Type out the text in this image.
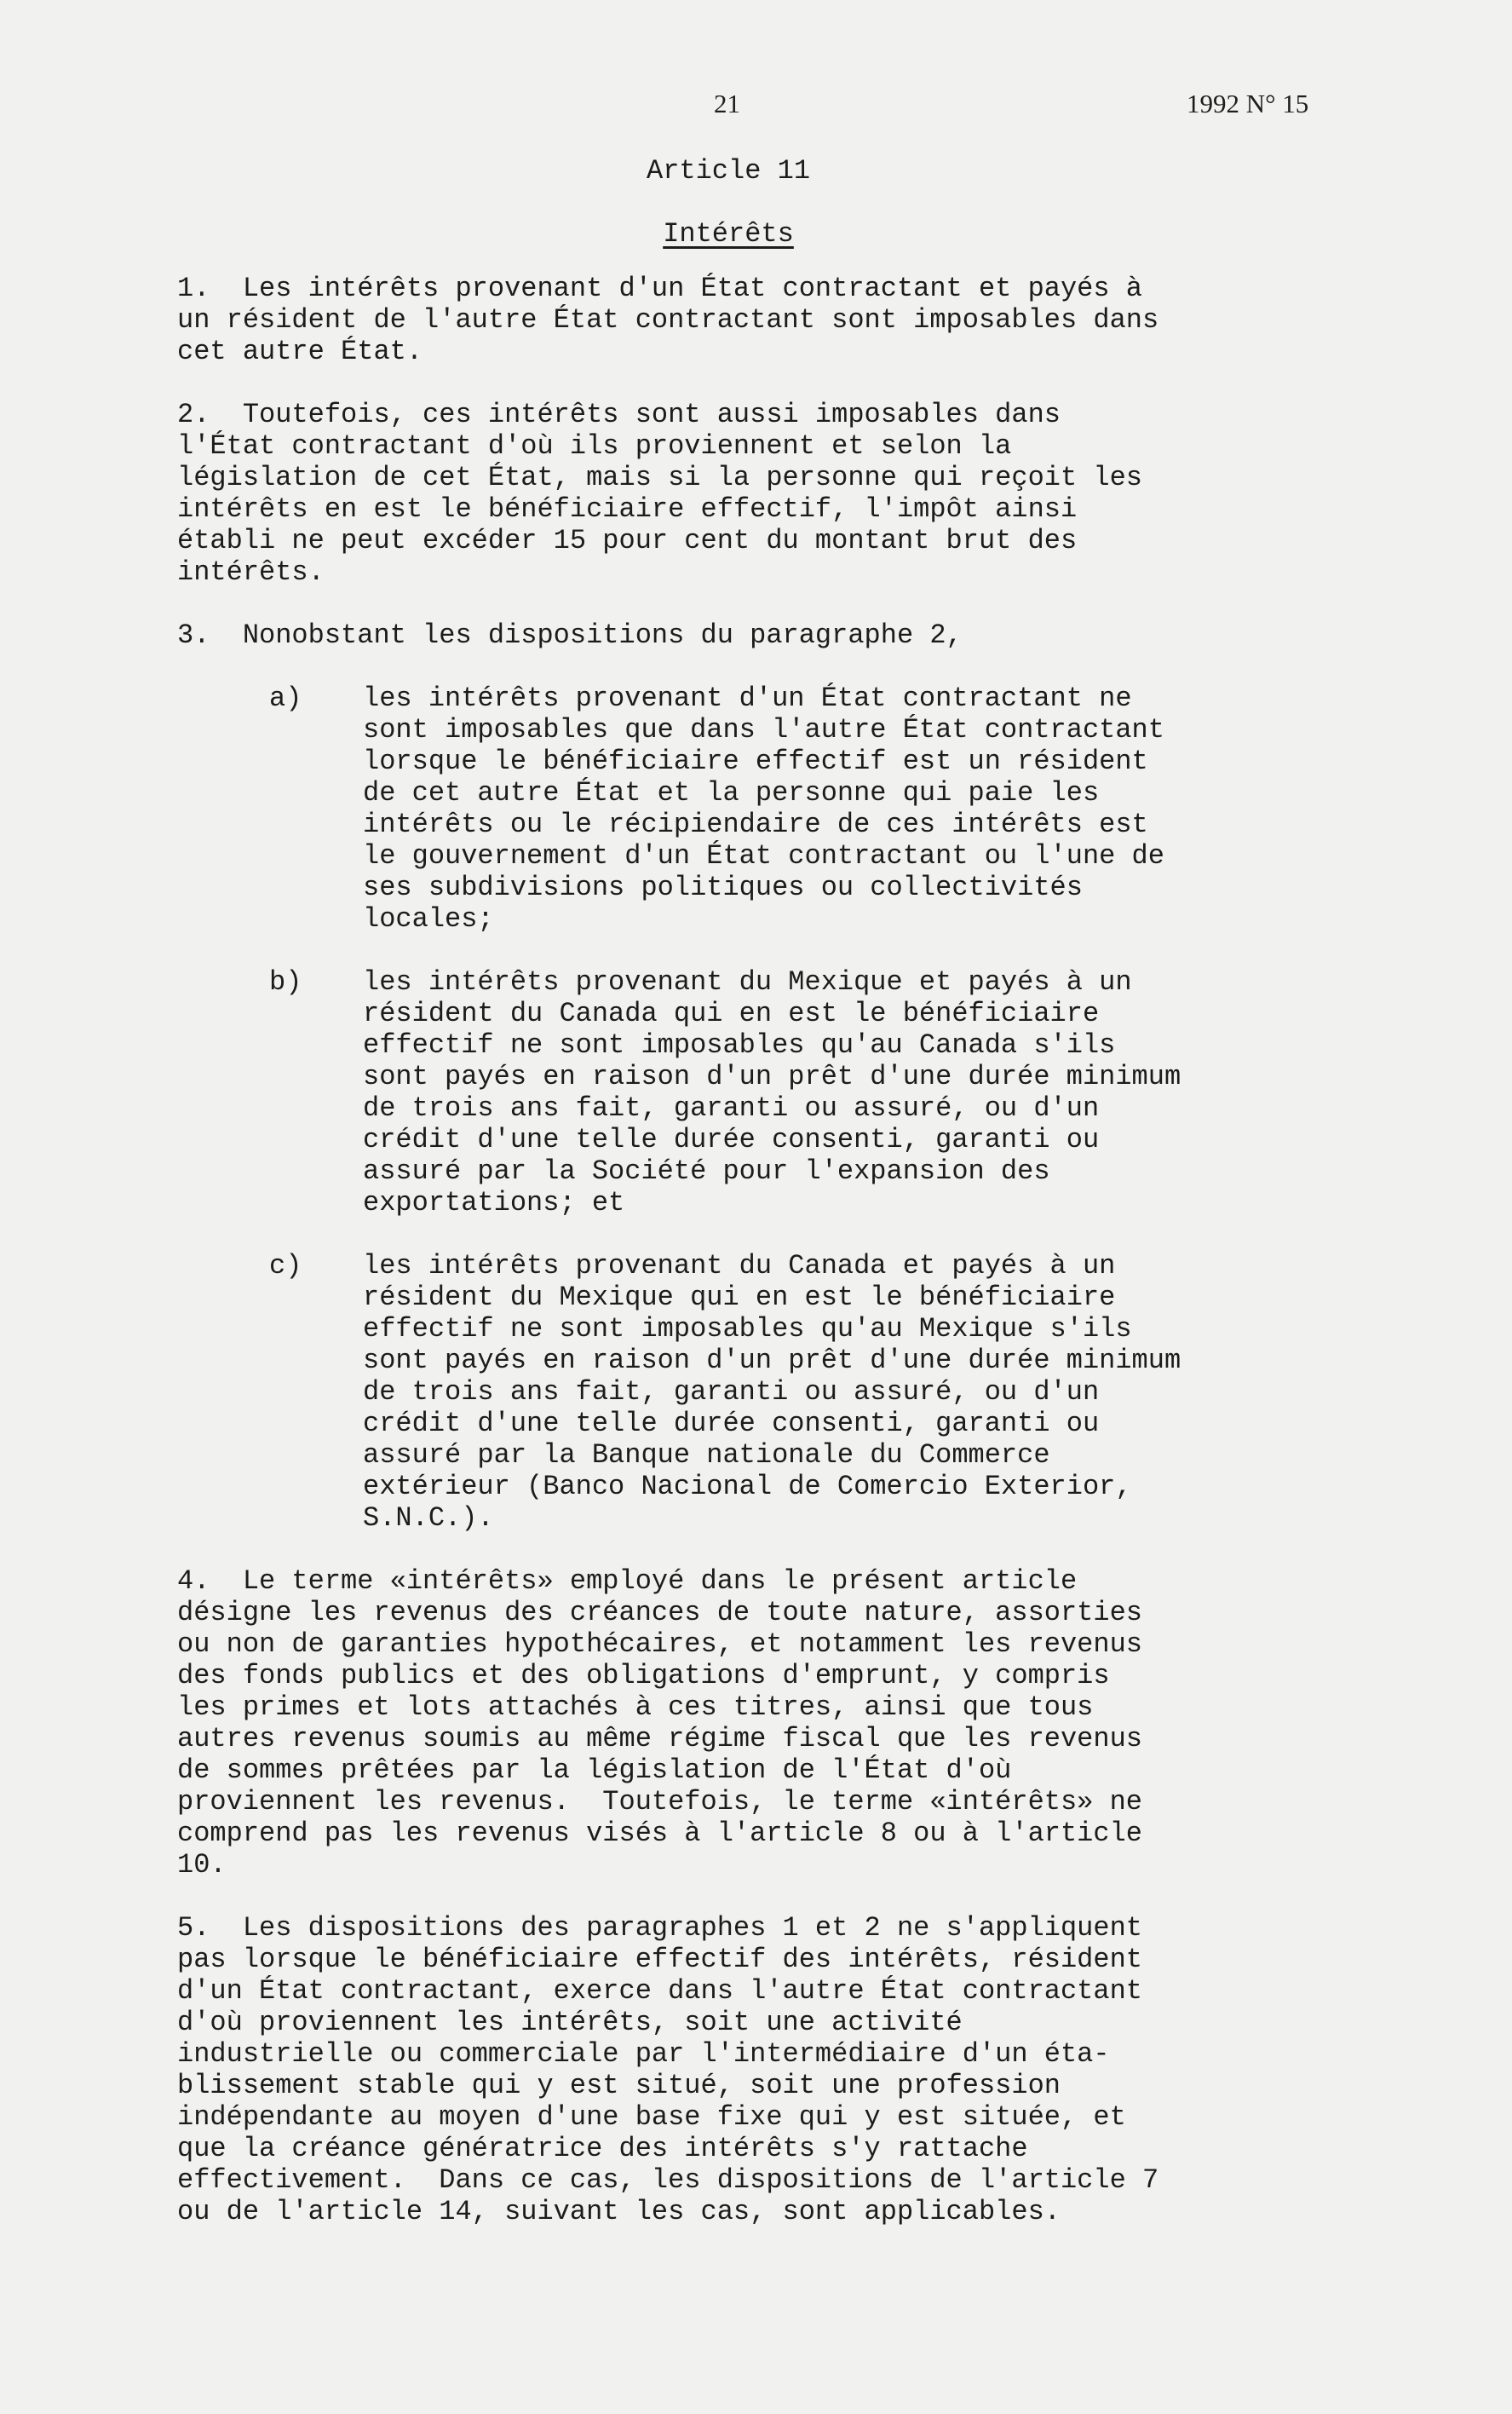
21	1992 N° 15
Article 11
Intérêts

1.  Les intérêts provenant d'un État contractant et payés à
un résident de l'autre État contractant sont imposables dans
cet autre État.

2.  Toutefois, ces intérêts sont aussi imposables dans
l'État contractant d'où ils proviennent et selon la
législation de cet État, mais si la personne qui reçoit les
intérêts en est le bénéficiaire effectif, l'impôt ainsi
établi ne peut excéder 15 pour cent du montant brut des
intérêts.

3.  Nonobstant les dispositions du paragraphe 2,

a)	les intérêts provenant d'un État contractant ne
sont imposables que dans l'autre État contractant
lorsque le bénéficiaire effectif est un résident
de cet autre État et la personne qui paie les
intérêts ou le récipiendaire de ces intérêts est
le gouvernement d'un État contractant ou l'une de
ses subdivisions politiques ou collectivités
locales;
b)	les intérêts provenant du Mexique et payés à un
résident du Canada qui en est le bénéficiaire
effectif ne sont imposables qu'au Canada s'ils
sont payés en raison d'un prêt d'une durée minimum
de trois ans fait, garanti ou assuré, ou d'un
crédit d'une telle durée consenti, garanti ou
assuré par la Société pour l'expansion des
exportations; et
c)	les intérêts provenant du Canada et payés à un
résident du Mexique qui en est le bénéficiaire
effectif ne sont imposables qu'au Mexique s'ils
sont payés en raison d'un prêt d'une durée minimum
de trois ans fait, garanti ou assuré, ou d'un
crédit d'une telle durée consenti, garanti ou
assuré par la Banque nationale du Commerce
extérieur (Banco Nacional de Comercio Exterior,
S.N.C.).

4.  Le terme «intérêts» employé dans le présent article
désigne les revenus des créances de toute nature, assorties
ou non de garanties hypothécaires, et notamment les revenus
des fonds publics et des obligations d'emprunt, y compris
les primes et lots attachés à ces titres, ainsi que tous
autres revenus soumis au même régime fiscal que les revenus
de sommes prêtées par la législation de l'État d'où
proviennent les revenus.  Toutefois, le terme «intérêts» ne
comprend pas les revenus visés à l'article 8 ou à l'article
10.

5.  Les dispositions des paragraphes 1 et 2 ne s'appliquent
pas lorsque le bénéficiaire effectif des intérêts, résident
d'un État contractant, exerce dans l'autre État contractant
d'où proviennent les intérêts, soit une activité
industrielle ou commerciale par l'intermédiaire d'un éta-
blissement stable qui y est situé, soit une profession
indépendante au moyen d'une base fixe qui y est située, et
que la créance génératrice des intérêts s'y rattache
effectivement.  Dans ce cas, les dispositions de l'article 7
ou de l'article 14, suivant les cas, sont applicables.
